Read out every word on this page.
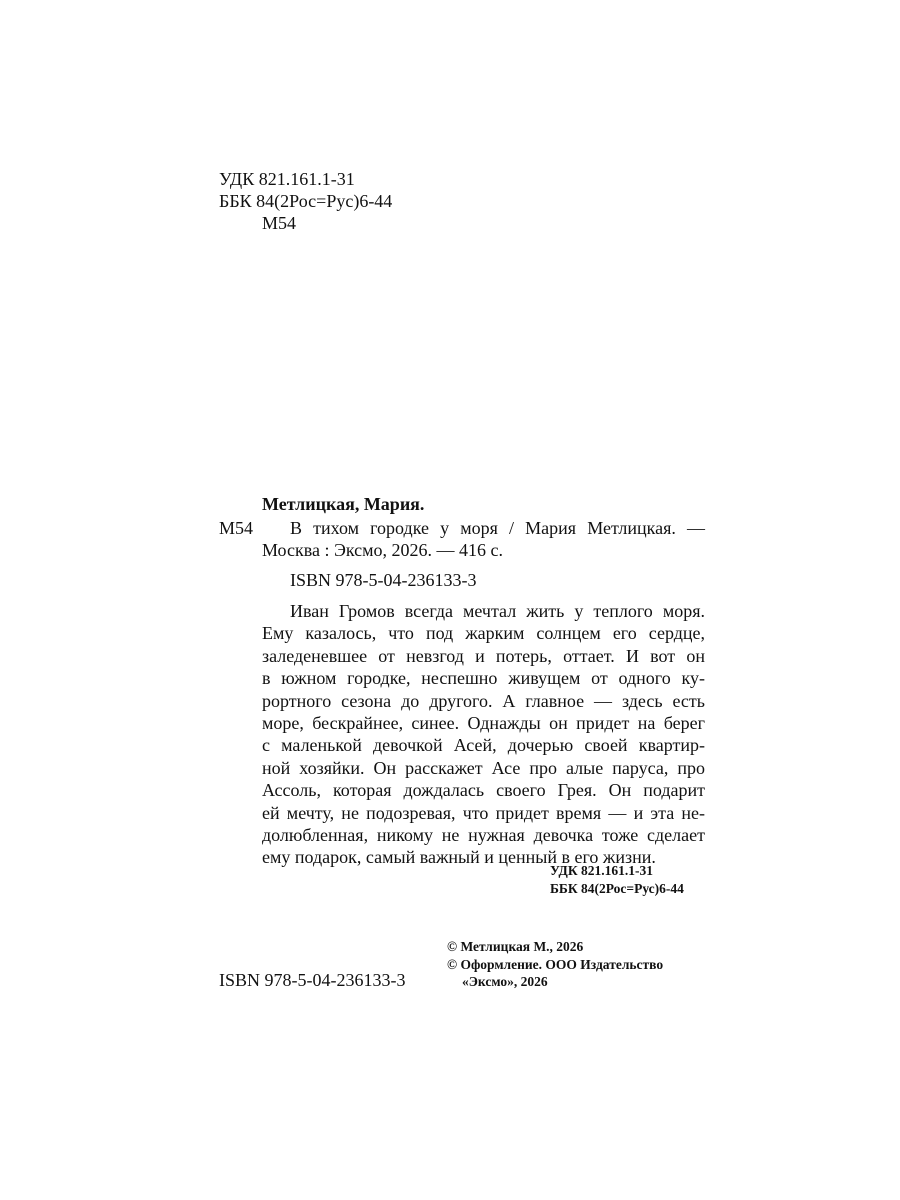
УДК 821.161.1-31
ББК 84(2Рос=Рус)6-44
М54
Метлицкая, Мария.
М54 В тихом городке у моря / Мария Метлицкая. —
Москва : Эксмо, 2026. — 416 с.
ISBN 978-5-04-236133-3
Иван Громов всегда мечтал жить у теплого моря.
Ему казалось, что под жарким солнцем его сердце,
заледеневшее от невзгод и потерь, оттает. И вот он
в южном городке, неспешно живущем от одного ку-
рортного сезона до другого. А главное — здесь есть
море, бескрайнее, синее. Однажды он придет на берег
с маленькой девочкой Асей, дочерью своей квартир-
ной хозяйки. Он расскажет Асе про алые паруса, про
Ассоль, которая дождалась своего Грея. Он подарит
ей мечту, не подозревая, что придет время — и эта не-
долюбленная, никому не нужная девочка тоже сделает
ему подарок, самый важный и ценный в его жизни.
УДК 821.161.1-31
ББК 84(2Рос=Рус)6-44
© Метлицкая М., 2026
© Оформление. ООО Издательство
«Эксмо», 2026
ISBN 978-5-04-236133-3
